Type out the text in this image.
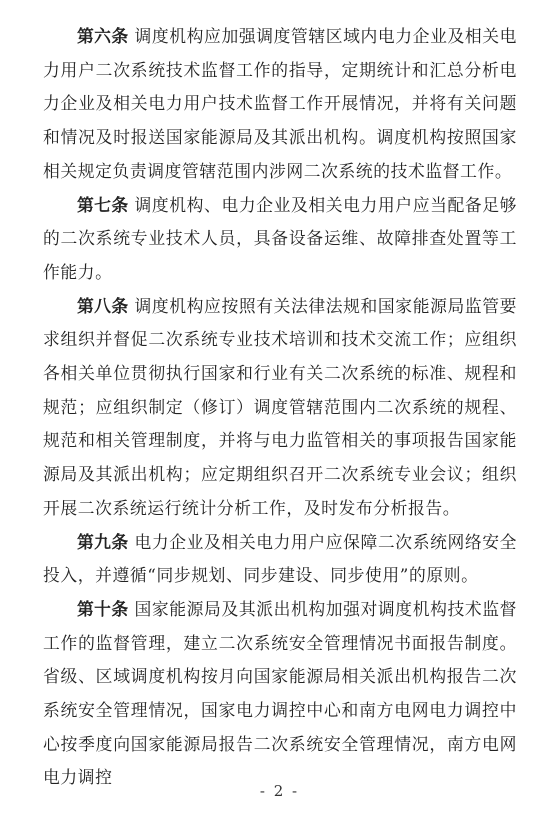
第六条 调度机构应加强调度管辖区域内电力企业及相关电力用户二次系统技术监督工作的指导，定期统计和汇总分析电力企业及相关电力用户技术监督工作开展情况，并将有关问题和情况及时报送国家能源局及其派出机构。调度机构按照国家相关规定负责调度管辖范围内涉网二次系统的技术监督工作。

第七条 调度机构、电力企业及相关电力用户应当配备足够的二次系统专业技术人员，具备设备运维、故障排查处置等工作能力。

第八条 调度机构应按照有关法律法规和国家能源局监管要求组织并督促二次系统专业技术培训和技术交流工作；应组织各相关单位贯彻执行国家和行业有关二次系统的标准、规程和规范；应组织制定（修订）调度管辖范围内二次系统的规程、规范和相关管理制度，并将与电力监管相关的事项报告国家能源局及其派出机构；应定期组织召开二次系统专业会议；组织开展二次系统运行统计分析工作，及时发布分析报告。

第九条 电力企业及相关电力用户应保障二次系统网络安全投入，并遵循“同步规划、同步建设、同步使用”的原则。

第十条 国家能源局及其派出机构加强对调度机构技术监督工作的监督管理，建立二次系统安全管理情况书面报告制度。省级、区域调度机构按月向国家能源局相关派出机构报告二次系统安全管理情况，国家电力调控中心和南方电网电力调控中心按季度向国家能源局报告二次系统安全管理情况，南方电网电力调控

- 2 -
